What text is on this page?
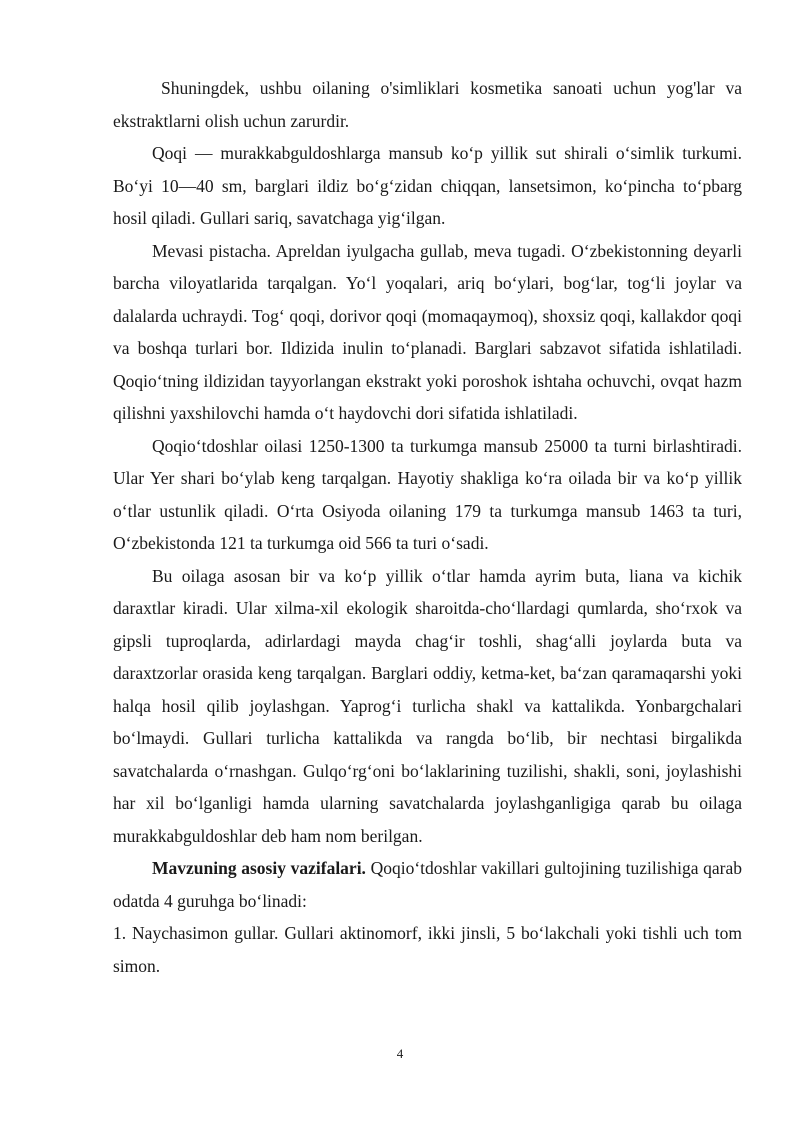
Shuningdek, ushbu oilaning o'simliklari kosmetika sanoati uchun yog'lar va ekstraktlarni olish uchun zarurdir.

Qoqi — murakkabguldoshlarga mansub ko‘p yillik sut shirali o‘simlik turkumi. Bo‘yi 10—40 sm, barglari ildiz bo‘g‘zidan chiqqan, lansetsimon, ko‘pincha to‘pbarg hosil qiladi. Gullari sariq, savatchaga yig‘ilgan.

Mevasi pistacha. Apreldan iyulgacha gullab, meva tugadi. O‘zbekistonning deyarli barcha viloyatlarida tarqalgan. Yo‘l yoqalari, ariq bo‘ylari, bog‘lar, tog‘li joylar va dalalarda uchraydi. Tog‘ qoqi, dorivor qoqi (momaqaymoq), shoxsiz qoqi, kallakdor qoqi va boshqa turlari bor. Ildizida inulin to‘planadi. Barglari sabzavot sifatida ishlatiladi. Qoqio‘tning ildizidan tayyorlangan ekstrakt yoki poroshok ishtaha ochuvchi, ovqat hazm qilishni yaxshilovchi hamda o‘t haydovchi dori sifatida ishlatiladi.

Qoqio‘tdoshlar oilasi 1250-1300 ta turkumga mansub 25000 ta turni birlashtiradi. Ular Yer shari bo‘ylab keng tarqalgan. Hayotiy shakliga ko‘ra oilada bir va ko‘p yillik o‘tlar ustunlik qiladi. O‘rta Osiyoda oilaning 179 ta turkumga mansub 1463 ta turi, O‘zbekistonda 121 ta turkumga oid 566 ta turi o‘sadi.

Bu oilaga asosan bir va ko‘p yillik o‘tlar hamda ayrim buta, liana va kichik daraxtlar kiradi. Ular xilma-xil ekologik sharoitda-cho‘llardagi qumlarda, sho‘rxok va gipsli tuproqlarda, adirlardagi mayda chag‘ir toshli, shag‘alli joylarda buta va daraxtzorlar orasida keng tarqalgan. Barglari oddiy, ketma-ket, ba‘zan qaramaqarshi yoki halqa hosil qilib joylashgan. Yaprog‘i turlicha shakl va kattalikda. Yonbargchalari bo‘lmaydi. Gullari turlicha kattalikda va rangda bo‘lib, bir nechtasi birgalikda savatchalarda o‘rnashgan. Gulqo‘rg‘oni bo‘laklarining tuzilishi, shakli, soni, joylashishi har xil bo‘lganligi hamda ularning savatchalarda joylashganligiga qarab bu oilaga murakkabguldoshlar deb ham nom berilgan.

Mavzuning asosiy vazifalari. Qoqio‘tdoshlar vakillari gultojining tuzilishiga qarab odatda 4 guruhga bo‘linadi:

1. Naychasimon gullar. Gullari aktinomorf, ikki jinsli, 5 bo‘lakchali yoki tishli uch tom simon.

4
